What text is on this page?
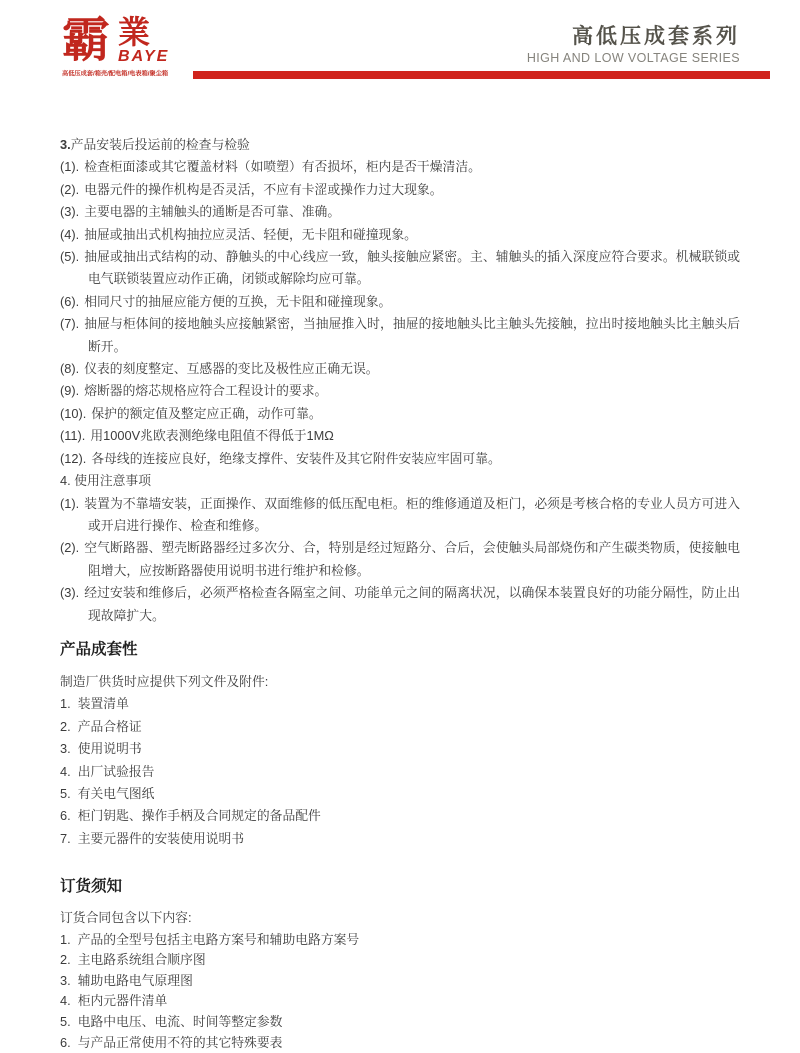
霸 業
BAYE
高低压成套/箱壳/配电箱/电表箱/聚尘箱

高低压成套系列

HIGH AND LOW VOLTAGE SERIES

3.产品安装后投运前的检查与检验

(1). 检查柜面漆或其它覆盖材料（如喷塑）有否损坏，柜内是否干燥清洁。

(2). 电器元件的操作机构是否灵活，不应有卡涩或操作力过大现象。

(3). 主要电器的主辅触头的通断是否可靠、准确。

(4). 抽屉或抽出式机构抽拉应灵活、轻便，无卡阻和碰撞现象。

(5). 抽屉或抽出式结构的动、静触头的中心线应一致，触头接触应紧密。主、辅触头的插入深度应符合要求。机械联锁或电气联锁装置应动作正确，闭锁或解除均应可靠。

(6). 相同尺寸的抽屉应能方便的互换，无卡阻和碰撞现象。

(7). 抽屉与柜体间的接地触头应接触紧密，当抽屉推入时，抽屉的接地触头比主触头先接触，拉出时接地触头比主触头后断开。

(8). 仪表的刻度整定、互感器的变比及极性应正确无误。

(9). 熔断器的熔芯规格应符合工程设计的要求。

(10). 保护的额定值及整定应正确，动作可靠。

(11). 用1000V兆欧表测绝缘电阻值不得低于1MΩ

(12). 各母线的连接应良好，绝缘支撑件、安装件及其它附件安装应牢固可靠。

4. 使用注意事项

(1). 装置为不靠墙安装，正面操作、双面维修的低压配电柜。柜的维修通道及柜门，必须是考核合格的专业人员方可进入或开启进行操作、检查和维修。

(2). 空气断路器、塑壳断路器经过多次分、合，特别是经过短路分、合后，会使触头局部烧伤和产生碳类物质，使接触电阻增大，应按断路器使用说明书进行维护和检修。

(3). 经过安装和维修后，必须严格检查各隔室之间、功能单元之间的隔离状况，以确保本装置良好的功能分隔性，防止出现故障扩大。

产品成套性

制造厂供货时应提供下列文件及附件:

1. 装置清单

2. 产品合格证

3. 使用说明书

4. 出厂试验报告

5. 有关电气图纸

6. 柜门钥匙、操作手柄及合同规定的备品配件

7. 主要元器件的安装使用说明书

订货须知

订货合同包含以下内容:

1. 产品的全型号包括主电路方案号和辅助电路方案号

2. 主电路系统组合顺序图

3. 辅助电路电气原理图

4. 柜内元器件清单

5. 电路中电压、电流、时间等整定参数

6. 与产品正常使用不符的其它特殊要表
